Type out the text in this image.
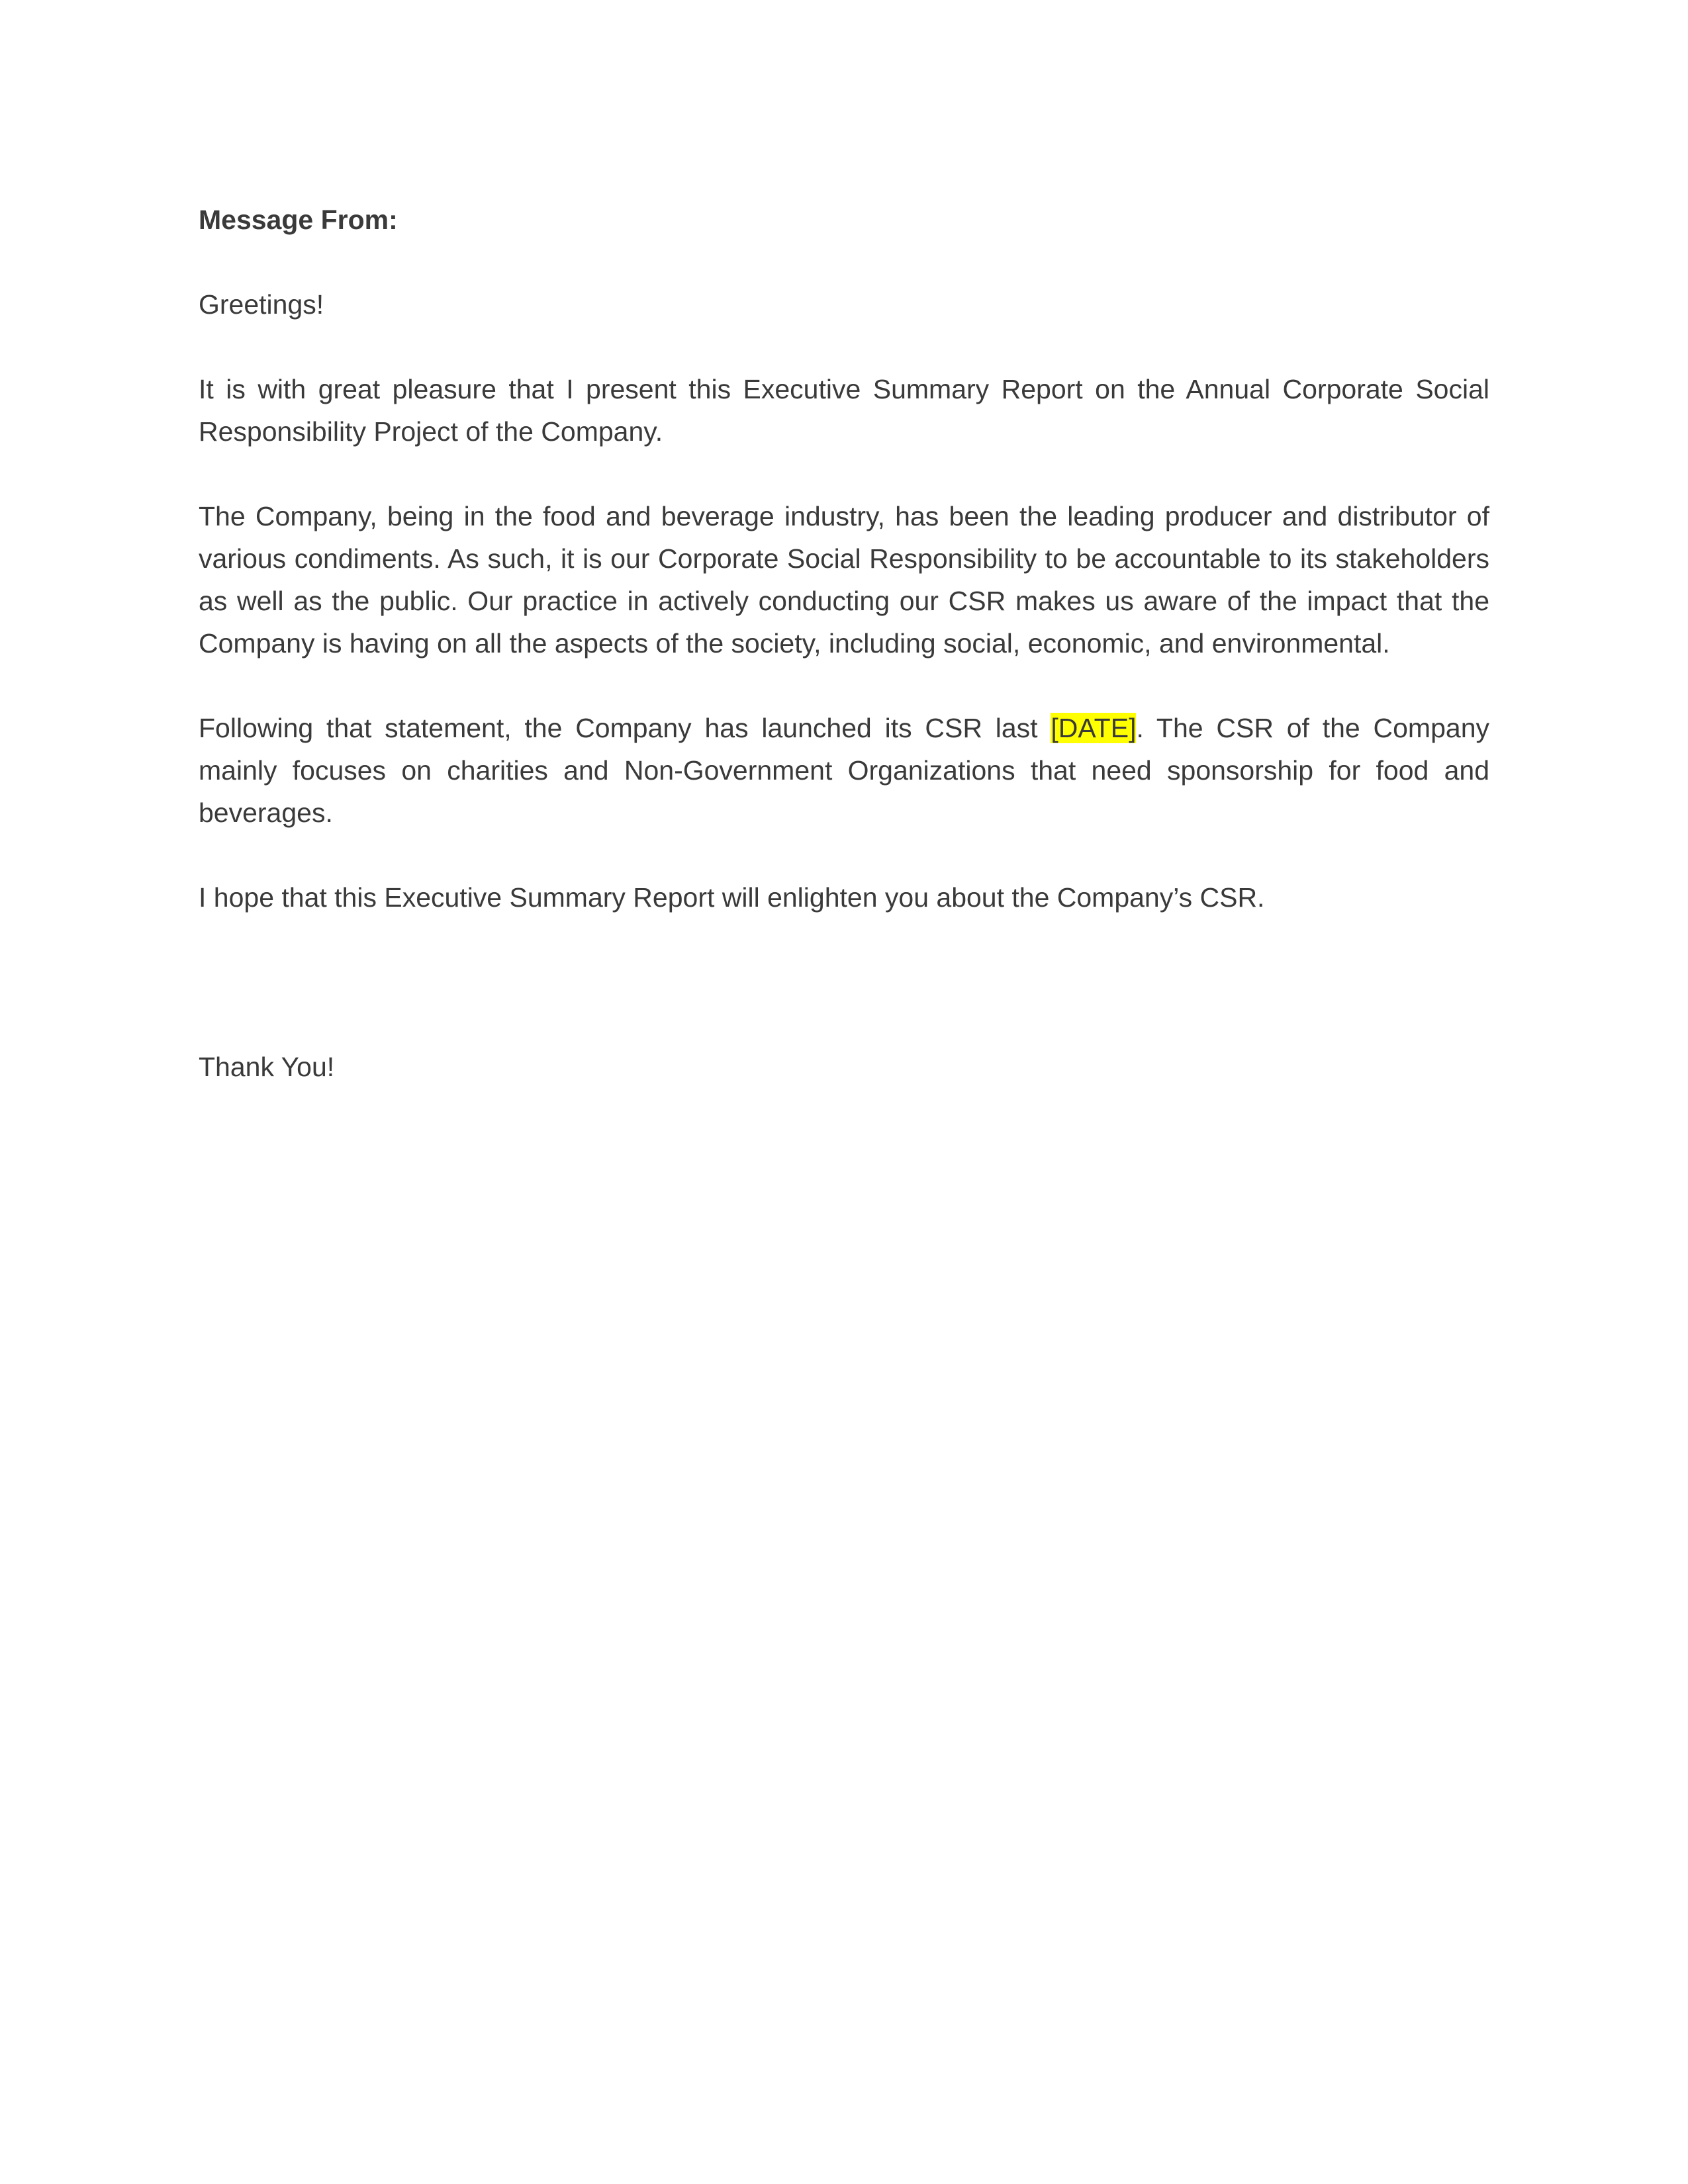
Message From:

Greetings!

It is with great pleasure that I present this Executive Summary Report on the Annual Corporate Social Responsibility Project of the Company.

The Company, being in the food and beverage industry, has been the leading producer and distributor of various condiments. As such, it is our Corporate Social Responsibility to be accountable to its stakeholders as well as the public. Our practice in actively conducting our CSR makes us aware of the impact that the Company is having on all the aspects of the society, including social, economic, and environmental.

Following that statement, the Company has launched its CSR last [DATE]. The CSR of the Company mainly focuses on charities and Non-Government Organizations that need sponsorship for food and beverages.

I hope that this Executive Summary Report will enlighten you about the Company’s CSR.

Thank You!
